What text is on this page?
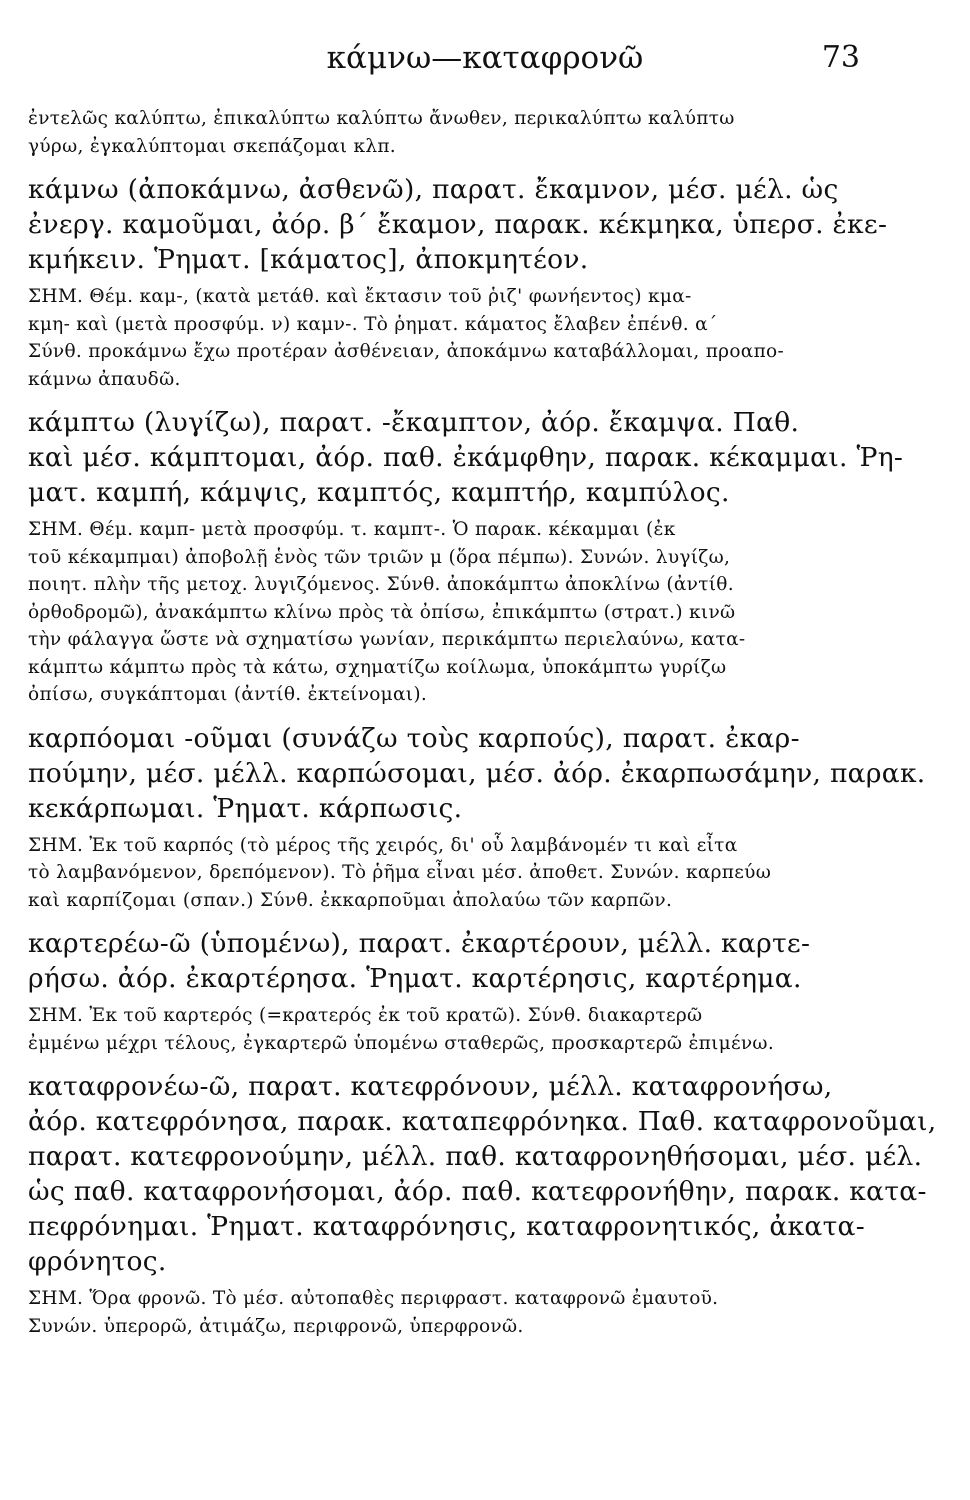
κάμνω—καταφρονῶ	73
ἐντελῶς καλύπτω, ἐπικαλύπτω καλύπτω ἄνωθεν, περικαλύπτω καλύπτω
γύρω, ἐγκαλύπτομαι σκεπάζομαι κλπ.
κάμνω (ἀποκάμνω, ἀσθενῶ), παρατ. ἔκαμνον, μέσ. μέλ. ὡς
ἐνεργ. καμοῦμαι, ἀόρ. β΄ ἔκαμον, παρακ. κέκμηκα, ὑπερσ. ἐκε-
κμήκειν. Ῥηματ. [κάματος], ἀποκμητέον.
ΣΗΜ. Θέμ. καμ-, (κατὰ μετάθ. καὶ ἔκτασιν τοῦ ῥιζ' φωνήεντος) κμα-
κμη- καὶ (μετὰ προσφύμ. ν) καμν-. Τὸ ῥηματ. κάματος ἔλαβεν ἐπένθ. α΄
Σύνθ. προκάμνω ἔχω προτέραν ἀσθένειαν, ἀποκάμνω καταβάλλομαι, προαπο-
κάμνω ἀπαυδῶ.
κάμπτω (λυγίζω), παρατ. -ἔκαμπτον, ἀόρ. ἔκαμψα. Παθ.
καὶ μέσ. κάμπτομαι, ἀόρ. παθ. ἐκάμφθην, παρακ. κέκαμμαι. Ῥη-
ματ. καμπή, κάμψις, καμπτός, καμπτήρ, καμπύλος.
ΣΗΜ. Θέμ. καμπ- μετὰ προσφύμ. τ. καμπτ-. Ὁ παρακ. κέκαμμαι (ἐκ
τοῦ κέκαμπμαι) ἀποβολῇ ἑνὸς τῶν τριῶν μ (ὅρα πέμπω). Συνών. λυγίζω,
ποιητ. πλὴν τῆς μετοχ. λυγιζόμενος. Σύνθ. ἀποκάμπτω ἀποκλίνω (ἀντίθ.
ὀρθοδρομῶ), ἀνακάμπτω κλίνω πρὸς τὰ ὀπίσω, ἐπικάμπτω (στρατ.) κινῶ
τὴν φάλαγγα ὥστε νὰ σχηματίσω γωνίαν, περικάμπτω περιελαύνω, κατα-
κάμπτω κάμπτω πρὸς τὰ κάτω, σχηματίζω κοίλωμα, ὑποκάμπτω γυρίζω
ὀπίσω, συγκάπτομαι (ἀντίθ. ἐκτείνομαι).
καρπόομαι -οῦμαι (συνάζω τοὺς καρπούς), παρατ. ἐκαρ-
πούμην, μέσ. μέλλ. καρπώσομαι, μέσ. ἀόρ. ἐκαρπωσάμην, παρακ.
κεκάρπωμαι. Ῥηματ. κάρπωσις.
ΣΗΜ. Ἐκ τοῦ καρπός (τὸ μέρος τῆς χειρός, δι' οὗ λαμβάνομέν τι καὶ εἶτα
τὸ λαμβανόμενον, δρεπόμενον). Τὸ ῥῆμα εἶναι μέσ. ἀποθετ. Συνών. καρπεύω
καὶ καρπίζομαι (σπαν.) Σύνθ. ἐκκαρποῦμαι ἀπολαύω τῶν καρπῶν.
καρτερέω-ῶ (ὑπομένω), παρατ. ἐκαρτέρουν, μέλλ. καρτε-
ρήσω. ἀόρ. ἐκαρτέρησα. Ῥηματ. καρτέρησις, καρτέρημα.
ΣΗΜ. Ἐκ τοῦ καρτερός (=κρατερός ἐκ τοῦ κρατῶ). Σύνθ. διακαρτερῶ
ἐμμένω μέχρι τέλους, ἐγκαρτερῶ ὑπομένω σταθερῶς, προσκαρτερῶ ἐπιμένω.
καταφρονέω-ῶ, παρατ. κατεφρόνουν, μέλλ. καταφρονήσω,
ἀόρ. κατεφρόνησα, παρακ. καταπεφρόνηκα. Παθ. καταφρονοῦμαι,
παρατ. κατεφρονούμην, μέλλ. παθ. καταφρονηθήσομαι, μέσ. μέλ.
ὡς παθ. καταφρονήσομαι, ἀόρ. παθ. κατεφρονήθην, παρακ. κατα-
πεφρόνημαι. Ῥηματ. καταφρόνησις, καταφρονητικός, ἀκατα-
φρόνητος.
ΣΗΜ. Ὅρα φρονῶ. Τὸ μέσ. αὐτοπαθὲς περιφραστ. καταφρονῶ ἐμαυτοῦ.
Συνών. ὑπερορῶ, ἀτιμάζω, περιφρονῶ, ὑπερφρονῶ.
